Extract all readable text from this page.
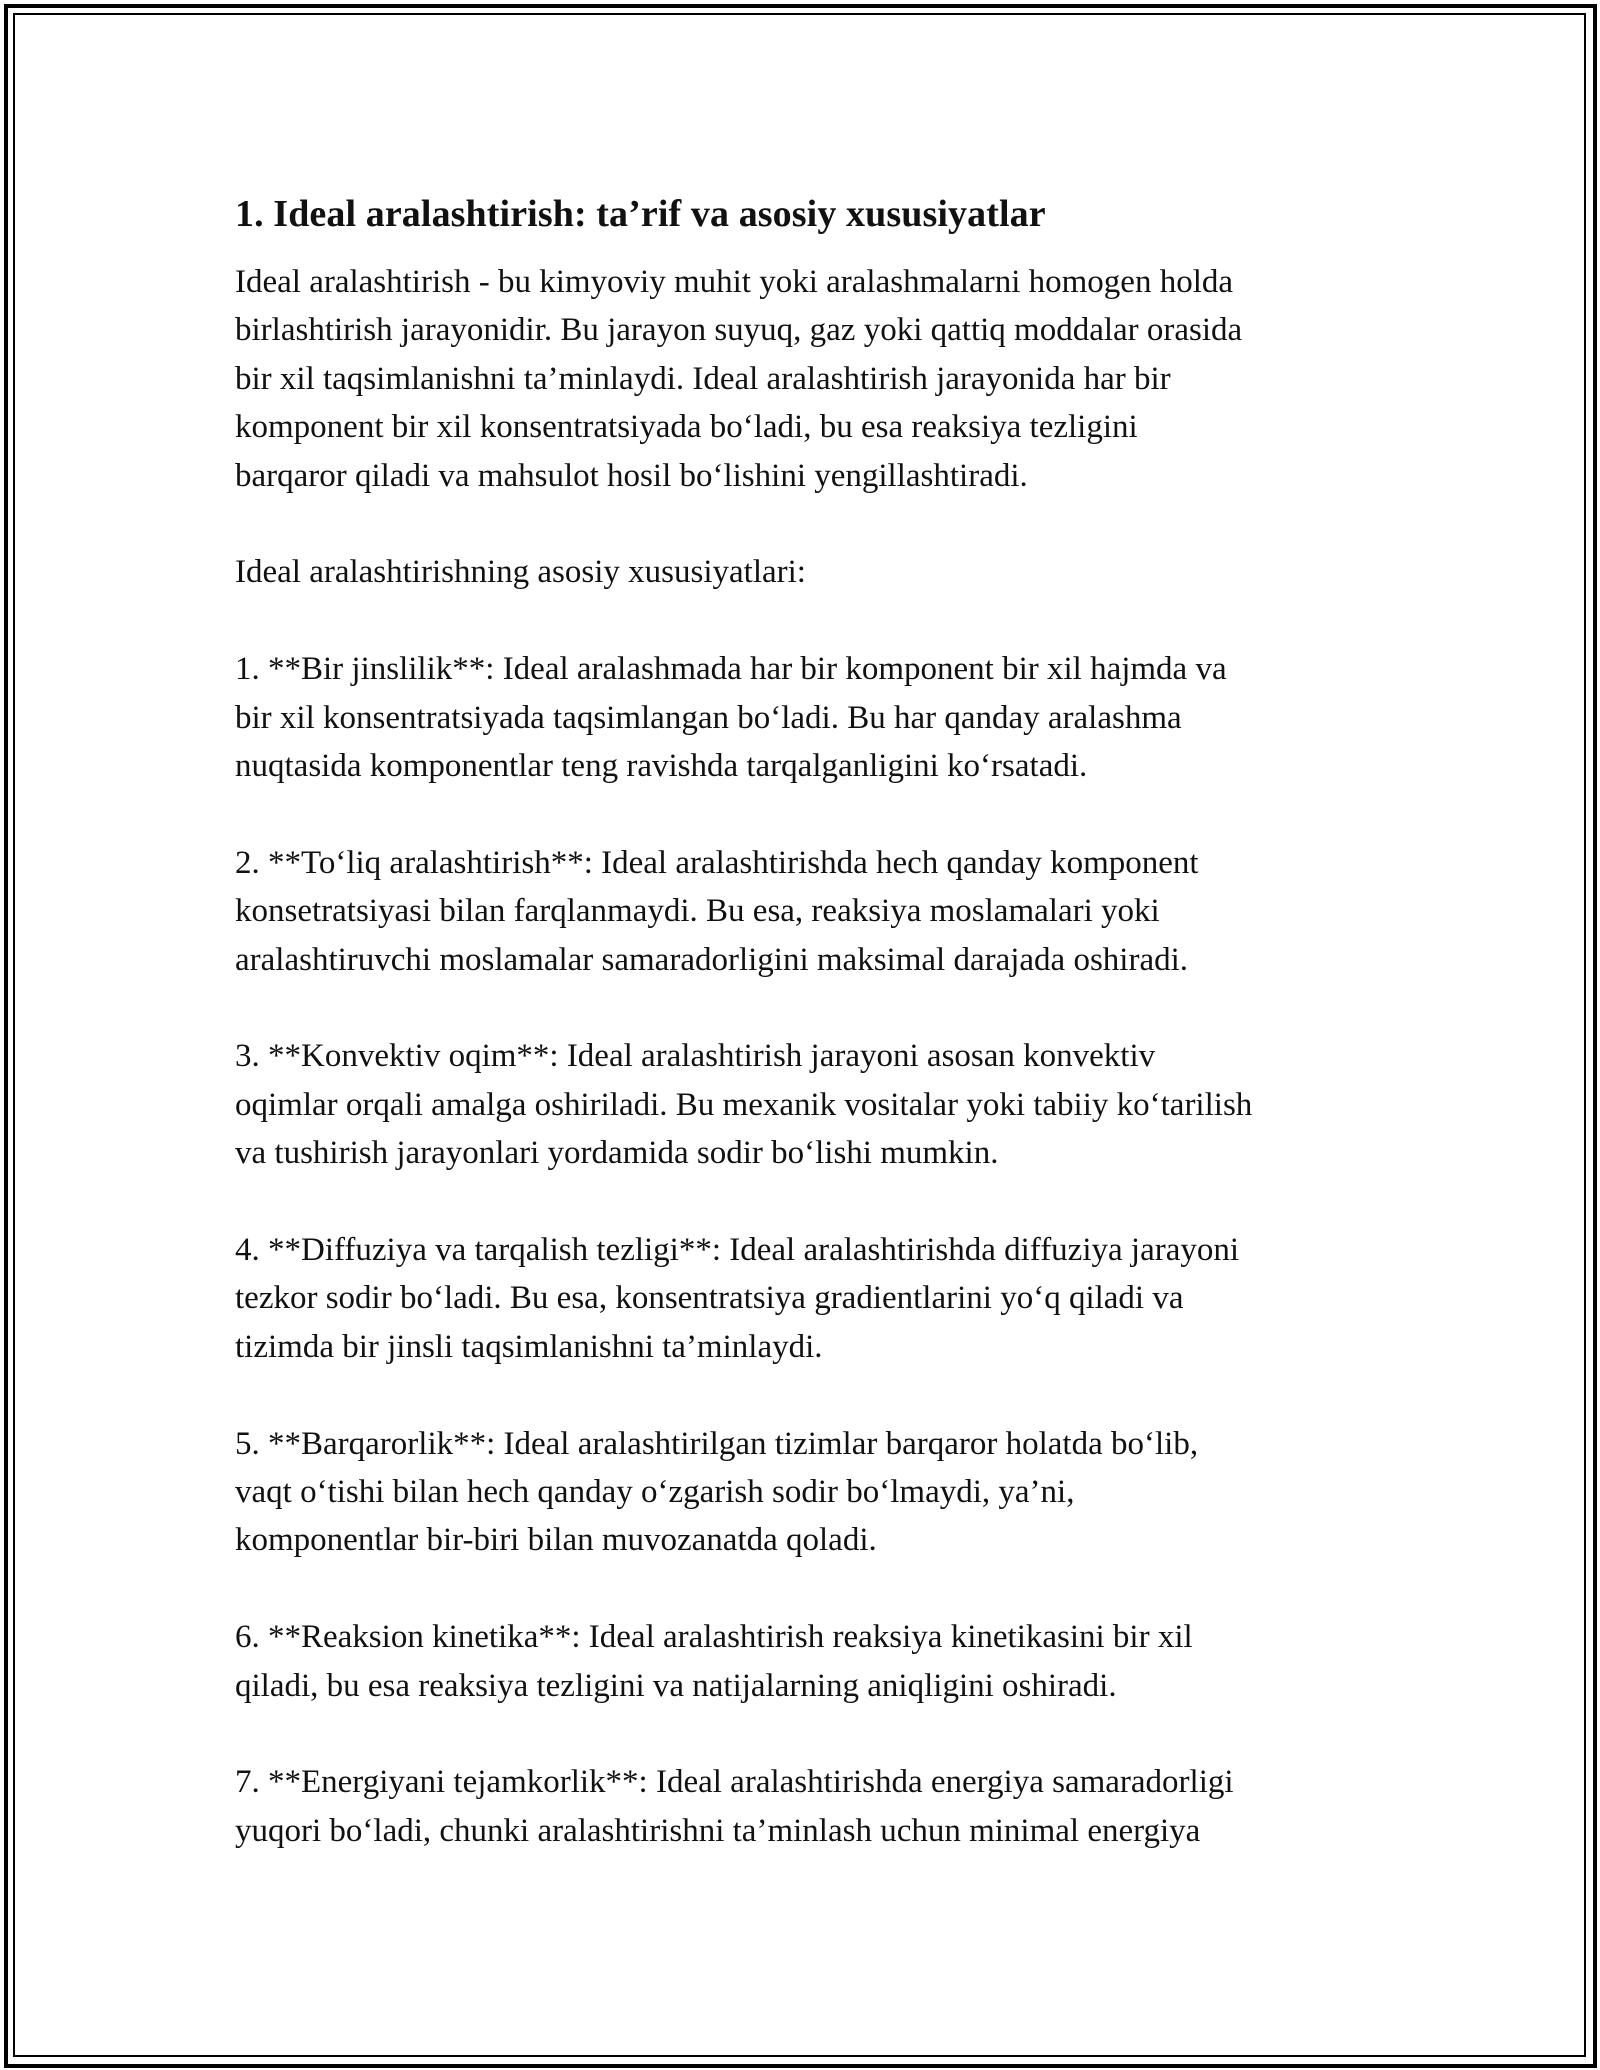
1. Ideal aralashtirish: ta’rif va asosiy xususiyatlar

Ideal aralashtirish - bu kimyoviy muhit yoki aralashmalarni homogen holda
birlashtirish jarayonidir. Bu jarayon suyuq, gaz yoki qattiq moddalar orasida
bir xil taqsimlanishni ta’minlaydi. Ideal aralashtirish jarayonida har bir
komponent bir xil konsentratsiyada bo‘ladi, bu esa reaksiya tezligini
barqaror qiladi va mahsulot hosil bo‘lishini yengillashtiradi.

Ideal aralashtirishning asosiy xususiyatlari:

1. **Bir jinslilik**: Ideal aralashmada har bir komponent bir xil hajmda va
bir xil konsentratsiyada taqsimlangan bo‘ladi. Bu har qanday aralashma
nuqtasida komponentlar teng ravishda tarqalganligini ko‘rsatadi.

2. **To‘liq aralashtirish**: Ideal aralashtirishda hech qanday komponent
konsetratsiyasi bilan farqlanmaydi. Bu esa, reaksiya moslamalari yoki
aralashtiruvchi moslamalar samaradorligini maksimal darajada oshiradi.

3. **Konvektiv oqim**: Ideal aralashtirish jarayoni asosan konvektiv
oqimlar orqali amalga oshiriladi. Bu mexanik vositalar yoki tabiiy ko‘tarilish
va tushirish jarayonlari yordamida sodir bo‘lishi mumkin.

4. **Diffuziya va tarqalish tezligi**: Ideal aralashtirishda diffuziya jarayoni
tezkor sodir bo‘ladi. Bu esa, konsentratsiya gradientlarini yo‘q qiladi va
tizimda bir jinsli taqsimlanishni ta’minlaydi.

5. **Barqarorlik**: Ideal aralashtirilgan tizimlar barqaror holatda bo‘lib,
vaqt o‘tishi bilan hech qanday o‘zgarish sodir bo‘lmaydi, ya’ni,
komponentlar bir-biri bilan muvozanatda qoladi.

6. **Reaksion kinetika**: Ideal aralashtirish reaksiya kinetikasini bir xil
qiladi, bu esa reaksiya tezligini va natijalarning aniqligini oshiradi.

7. **Energiyani tejamkorlik**: Ideal aralashtirishda energiya samaradorligi
yuqori bo‘ladi, chunki aralashtirishni ta’minlash uchun minimal energiya
